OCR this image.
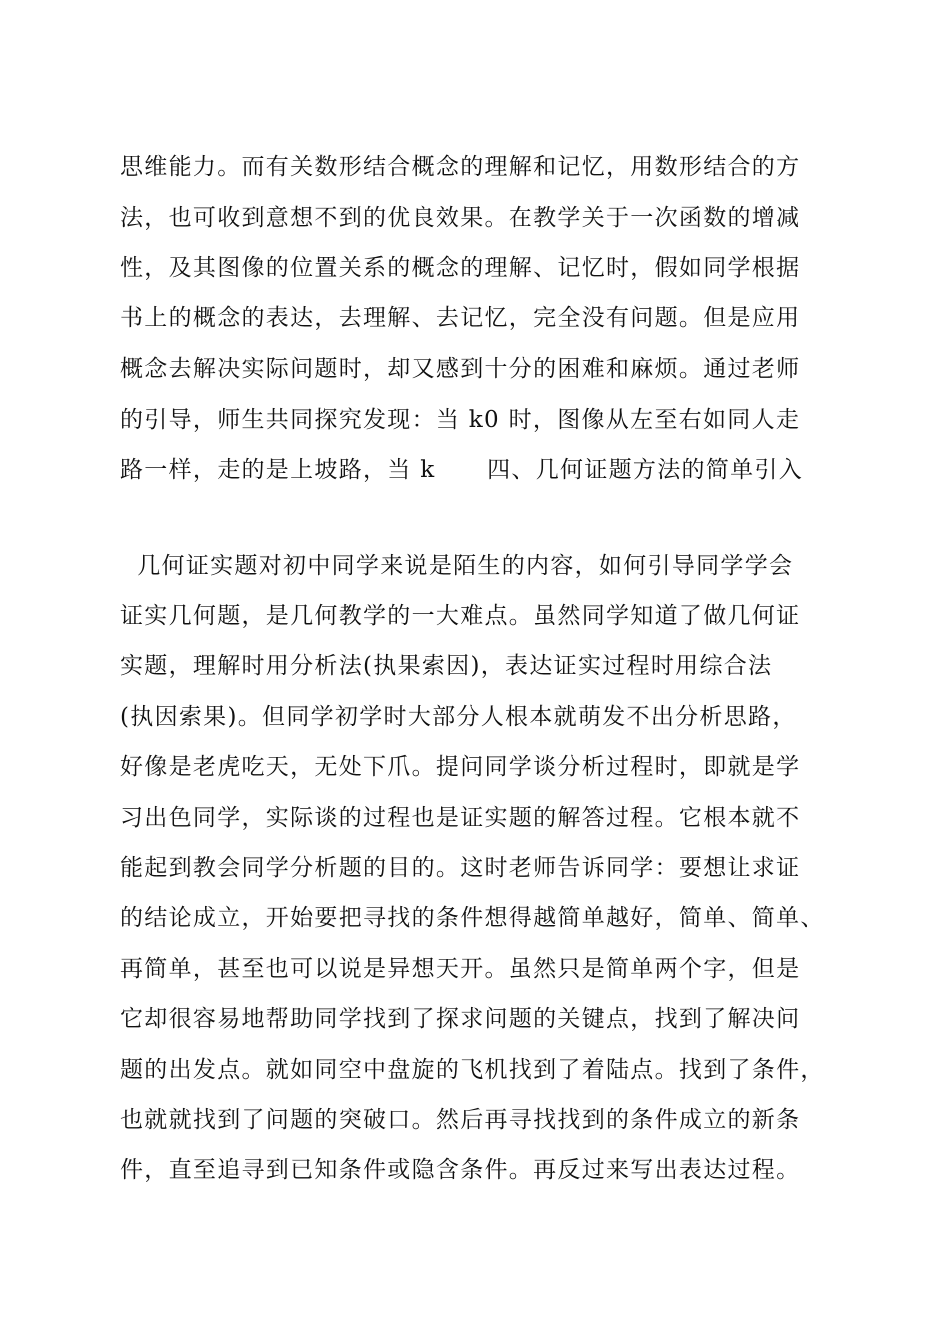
思维能力。而有关数形结合概念的理解和记忆，用数形结合的方
法，也可收到意想不到的优良效果。在教学关于一次函数的增减
性，及其图像的位置关系的概念的理解、记忆时，假如同学根据
书上的概念的表达，去理解、去记忆，完全没有问题。但是应用
概念去解决实际问题时，却又感到十分的困难和麻烦。通过老师
的引导，师生共同探究发现：当 k0 时，图像从左至右如同人走
路一样，走的是上坡路，当 k      四、几何证题方法的简单引入
几何证实题对初中同学来说是陌生的内容，如何引导同学学会
证实几何题，是几何教学的一大难点。虽然同学知道了做几何证
实题，理解时用分析法(执果索因)，表达证实过程时用综合法
(执因索果)。但同学初学时大部分人根本就萌发不出分析思路，
好像是老虎吃天，无处下爪。提问同学谈分析过程时，即就是学
习出色同学，实际谈的过程也是证实题的解答过程。它根本就不
能起到教会同学分析题的目的。这时老师告诉同学：要想让求证
的结论成立，开始要把寻找的条件想得越简单越好，简单、简单、
再简单，甚至也可以说是异想天开。虽然只是简单两个字，但是
它却很容易地帮助同学找到了探求问题的关键点，找到了解决问
题的出发点。就如同空中盘旋的飞机找到了着陆点。找到了条件，
也就就找到了问题的突破口。然后再寻找找到的条件成立的新条
件，直至追寻到已知条件或隐含条件。再反过来写出表达过程。
